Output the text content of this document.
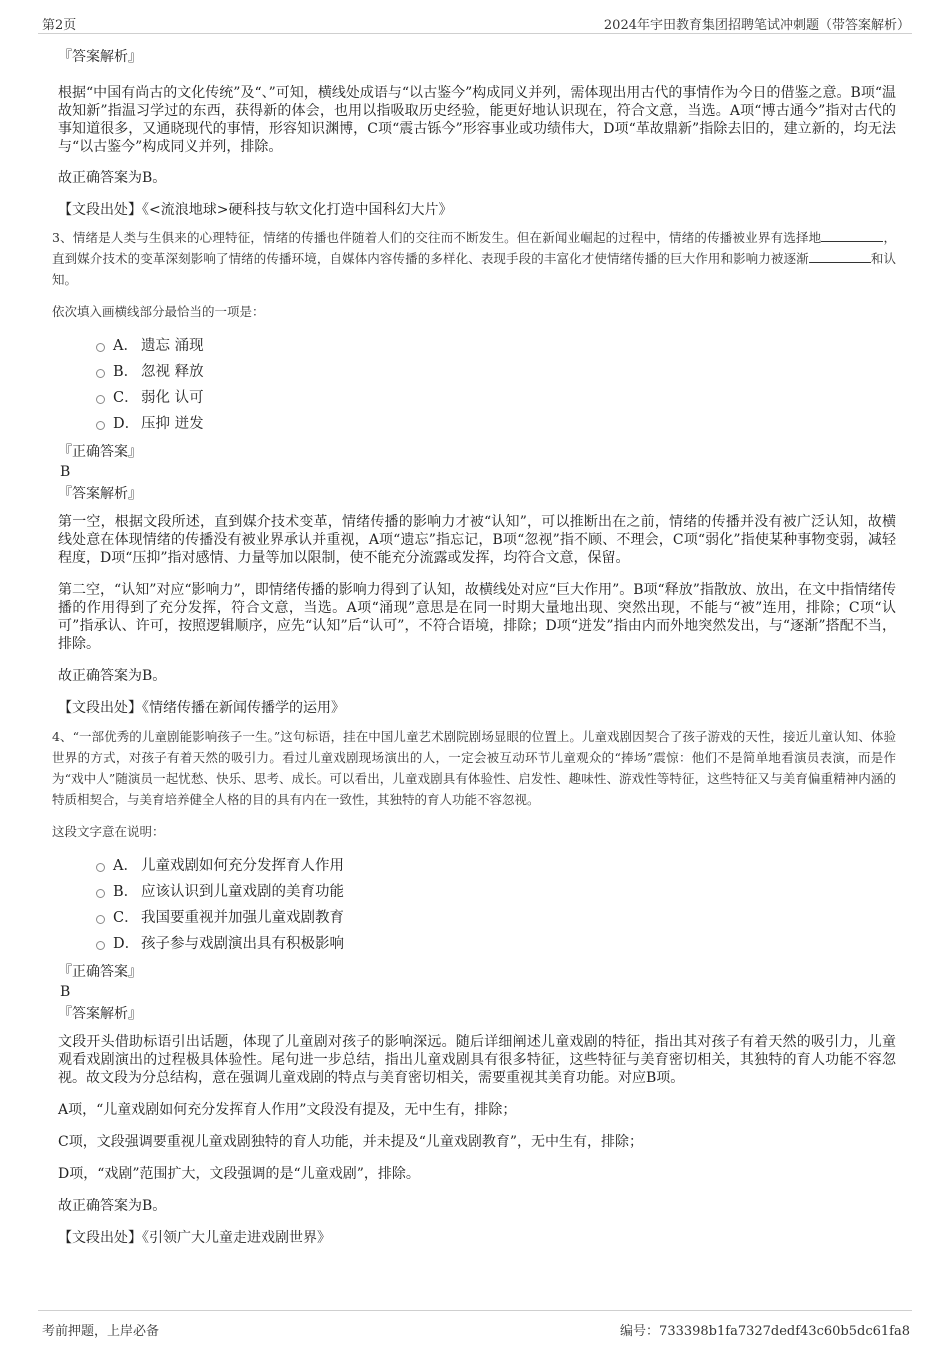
第2页	2024年宇田教育集团招聘笔试冲刺题（带答案解析）
『答案解析』

根据“中国有尚古的文化传统”及“、”可知，横线处成语与“以古鉴今”构成同义并列，需体现出用古代的事情作为今日的借鉴之意。B项“温故知新”指温习学过的东西，获得新的体会，也用以指吸取历史经验，能更好地认识现在，符合文意，当选。A项“博古通今”指对古代的事知道很多，又通晓现代的事情，形容知识渊博，C项“震古铄今”形容事业或功绩伟大，D项“革故鼎新”指除去旧的，建立新的，均无法与“以古鉴今”构成同义并列，排除。

故正确答案为B。

【文段出处】《<流浪地球>硬科技与软文化打造中国科幻大片》

3、情绪是人类与生俱来的心理特征，情绪的传播也伴随着人们的交往而不断发生。但在新闻业崛起的过程中，情绪的传播被业界有选择地	，直到媒介技术的变革深刻影响了情绪的传播环境，自媒体内容传播的多样化、表现手段的丰富化才使情绪传播的巨大作用和影响力被逐渐	和认知。

依次填入画横线部分最恰当的一项是：
A． 遗忘 涌现
B． 忽视 释放
C． 弱化 认可
D． 压抑 迸发
『正确答案』
B
『答案解析』

第一空，根据文段所述，直到媒介技术变革，情绪传播的影响力才被“认知”，可以推断出在之前，情绪的传播并没有被广泛认知，故横线处意在体现情绪的传播没有被业界承认并重视，A项“遗忘”指忘记，B项“忽视”指不顾、不理会，C项“弱化”指使某种事物变弱，减轻程度，D项“压抑”指对感情、力量等加以限制，使不能充分流露或发挥，均符合文意，保留。

第二空，“认知”对应“影响力”，即情绪传播的影响力得到了认知，故横线处对应“巨大作用”。B项“释放”指散放、放出，在文中指情绪传播的作用得到了充分发挥，符合文意，当选。A项“涌现”意思是在同一时期大量地出现、突然出现，不能与“被”连用，排除；C项“认可”指承认、许可，按照逻辑顺序，应先“认知”后“认可”，不符合语境，排除；D项“迸发”指由内而外地突然发出，与“逐渐”搭配不当，排除。

故正确答案为B。

【文段出处】《情绪传播在新闻传播学的运用》

4、“一部优秀的儿童剧能影响孩子一生。”这句标语，挂在中国儿童艺术剧院剧场显眼的位置上。儿童戏剧因契合了孩子游戏的天性，接近儿童认知、体验世界的方式，对孩子有着天然的吸引力。看过儿童戏剧现场演出的人，一定会被互动环节儿童观众的“捧场”震惊：他们不是简单地看演员表演，而是作为“戏中人”随演员一起忧愁、快乐、思考、成长。可以看出，儿童戏剧具有体验性、启发性、趣味性、游戏性等特征，这些特征又与美育偏重精神内涵的特质相契合，与美育培养健全人格的目的具有内在一致性，其独特的育人功能不容忽视。

这段文字意在说明：
A． 儿童戏剧如何充分发挥育人作用
B． 应该认识到儿童戏剧的美育功能
C． 我国要重视并加强儿童戏剧教育
D． 孩子参与戏剧演出具有积极影响
『正确答案』
B
『答案解析』

文段开头借助标语引出话题，体现了儿童剧对孩子的影响深远。随后详细阐述儿童戏剧的特征，指出其对孩子有着天然的吸引力，儿童观看戏剧演出的过程极具体验性。尾句进一步总结，指出儿童戏剧具有很多特征，这些特征与美育密切相关，其独特的育人功能不容忽视。故文段为分总结构，意在强调儿童戏剧的特点与美育密切相关，需要重视其美育功能。对应B项。

A项，“儿童戏剧如何充分发挥育人作用”文段没有提及，无中生有，排除；

C项，文段强调要重视儿童戏剧独特的育人功能，并未提及“儿童戏剧教育”，无中生有，排除；

D项，“戏剧”范围扩大，文段强调的是“儿童戏剧”，排除。

故正确答案为B。

【文段出处】《引领广大儿童走进戏剧世界》
考前押题，上岸必备	编号：733398b1fa7327dedf43c60b5dc61fa8
